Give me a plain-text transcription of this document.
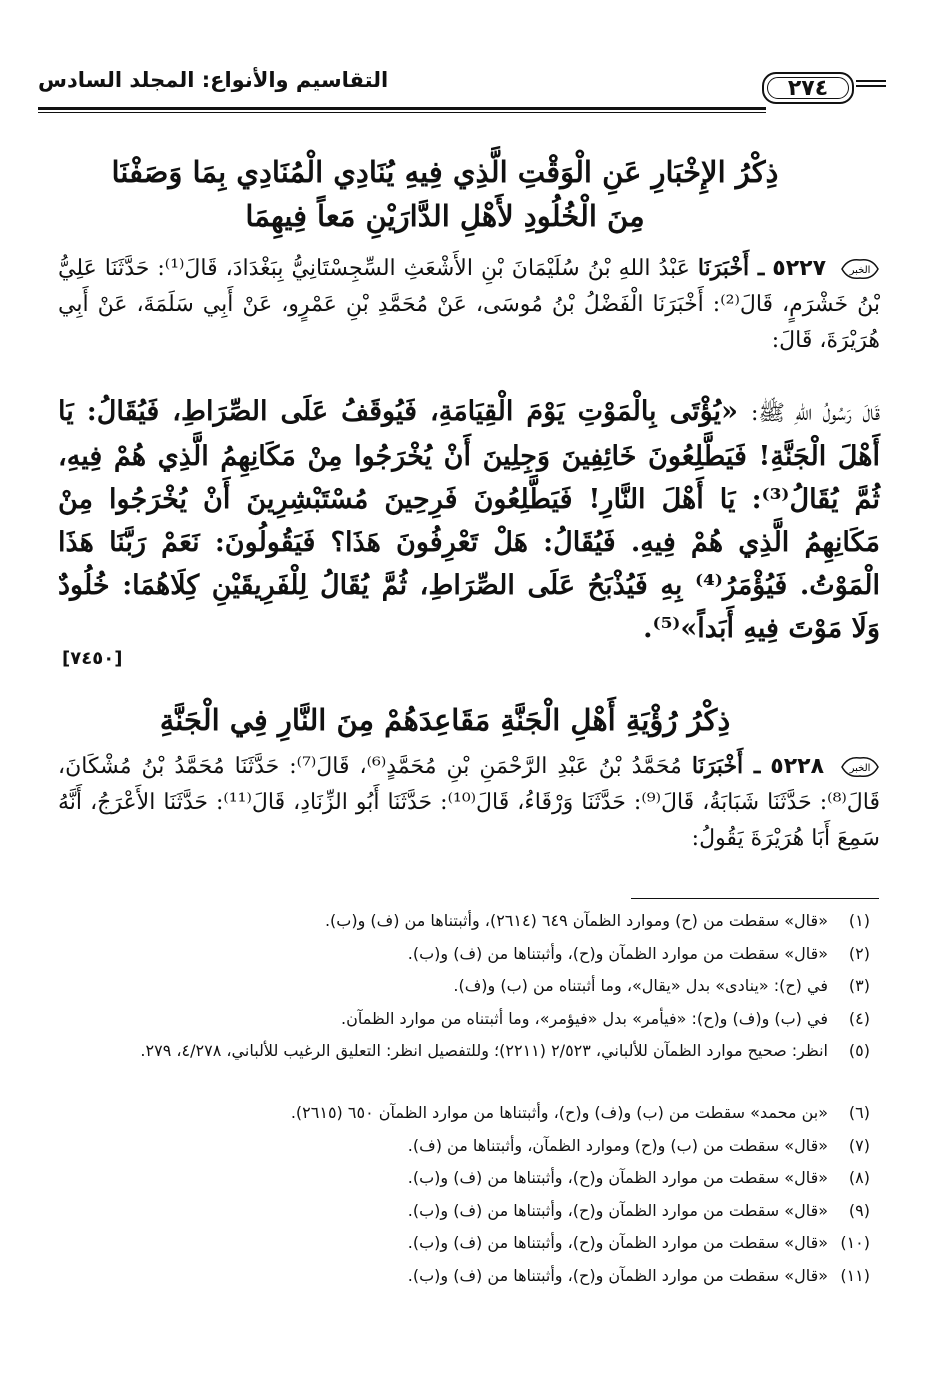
٢٧٤
التقاسيم والأنواع: المجلد السادس
ذِكْرُ الإِخْبَارِ عَنِ الْوَقْتِ الَّذِي فِيهِ يُنَادِي الْمُنَادِي بِمَا وَصَفْنَا
مِنَ الْخُلُودِ لأَهْلِ الدَّارَيْنِ مَعاً فِيهِمَا
الخبر
٥٢٢٧ ـ أَخْبَرَنَا عَبْدُ اللهِ بْنُ سُلَيْمَانَ بْنِ الأَشْعَثِ السِّجِسْتَانِيُّ بِبَغْدَادَ، قَالَ⁽¹⁾: حَدَّثَنَا عَلِيُّ بْنُ خَشْرَمٍ، قَالَ⁽²⁾: أَخْبَرَنَا الْفَضْلُ بْنُ مُوسَى، عَنْ مُحَمَّدِ بْنِ عَمْرٍو، عَنْ أَبِي سَلَمَةَ، عَنْ أَبِي هُرَيْرَةَ، قَالَ:
قَالَ رَسُولُ اللهِ ﷺ: «يُؤْتَى بِالْمَوْتِ يَوْمَ الْقِيَامَةِ، فَيُوقَفُ عَلَى الصِّرَاطِ، فَيُقَالُ: يَا أَهْلَ الْجَنَّةِ! فَيَطَّلِعُونَ خَائِفِينَ وَجِلِينَ أَنْ يُخْرَجُوا مِنْ مَكَانِهِمُ الَّذِي هُمْ فِيهِ، ثُمَّ يُقَالُ⁽³⁾: يَا أَهْلَ النَّارِ! فَيَطَّلِعُونَ فَرِحِينَ مُسْتَبْشِرِينَ أَنْ يُخْرَجُوا مِنْ مَكَانِهِمُ الَّذِي هُمْ فِيهِ. فَيُقَالُ: هَلْ تَعْرِفُونَ هَذَا؟ فَيَقُولُونَ: نَعَمْ رَبَّنَا هَذَا الْمَوْتُ. فَيُؤْمَرُ⁽⁴⁾ بِهِ فَيُذْبَحُ عَلَى الصِّرَاطِ، ثُمَّ يُقَالُ لِلْفَرِيقَيْنِ كِلَاهُمَا: خُلُودٌ وَلَا مَوْتَ فِيهِ أَبَداً»⁽⁵⁾.
[٧٤٥٠]
ذِكْرُ رُؤْيَةِ أَهْلِ الْجَنَّةِ مَقَاعِدَهُمْ مِنَ النَّارِ فِي الْجَنَّةِ
الخبر
٥٢٢٨ ـ أَخْبَرَنَا مُحَمَّدُ بْنُ عَبْدِ الرَّحْمَنِ بْنِ مُحَمَّدٍ⁽⁶⁾، قَالَ⁽⁷⁾: حَدَّثَنَا مُحَمَّدُ بْنُ مُشْكَانَ، قَالَ⁽⁸⁾: حَدَّثَنَا شَبَابَةُ، قَالَ⁽⁹⁾: حَدَّثَنَا وَرْقَاءُ، قَالَ⁽¹⁰⁾: حَدَّثَنَا أَبُو الزِّنَادِ، قَالَ⁽¹¹⁾: حَدَّثَنَا الأَعْرَجُ، أَنَّهُ سَمِعَ أَبَا هُرَيْرَةَ يَقُولُ:
(١)
«قال» سقطت من (ح) وموارد الظمآن ٦٤٩ (٢٦١٤)، وأثبتناها من (ف) و(ب).
(٢)
«قال» سقطت من موارد الظمآن و(ح)، وأثبتناها من (ف) و(ب).
(٣)
في (ح): «ينادى» بدل «يقال»، وما أثبتناه من (ب) و(ف).
(٤)
في (ب) و(ف) و(ح): «فيأمر» بدل «فيؤمر»، وما أثبتناه من موارد الظمآن.
(٥)
انظر: صحيح موارد الظمآن للألباني، ٢/٥٢٣ (٢٢١١)؛ وللتفصيل انظر: التعليق الرغيب للألباني، ٤/٢٧٨، ٢٧٩.
(٦)
«بن محمد» سقطت من (ب) و(ف) و(ح)، وأثبتناها من موارد الظمآن ٦٥٠ (٢٦١٥).
(٧)
«قال» سقطت من (ب) و(ح) وموارد الظمآن، وأثبتناها من (ف).
(٨)
«قال» سقطت من موارد الظمآن و(ح)، وأثبتناها من (ف) و(ب).
(٩)
«قال» سقطت من موارد الظمآن و(ح)، وأثبتناها من (ف) و(ب).
(١٠)
«قال» سقطت من موارد الظمآن و(ح)، وأثبتناها من (ف) و(ب).
(١١)
«قال» سقطت من موارد الظمآن و(ح)، وأثبتناها من (ف) و(ب).
